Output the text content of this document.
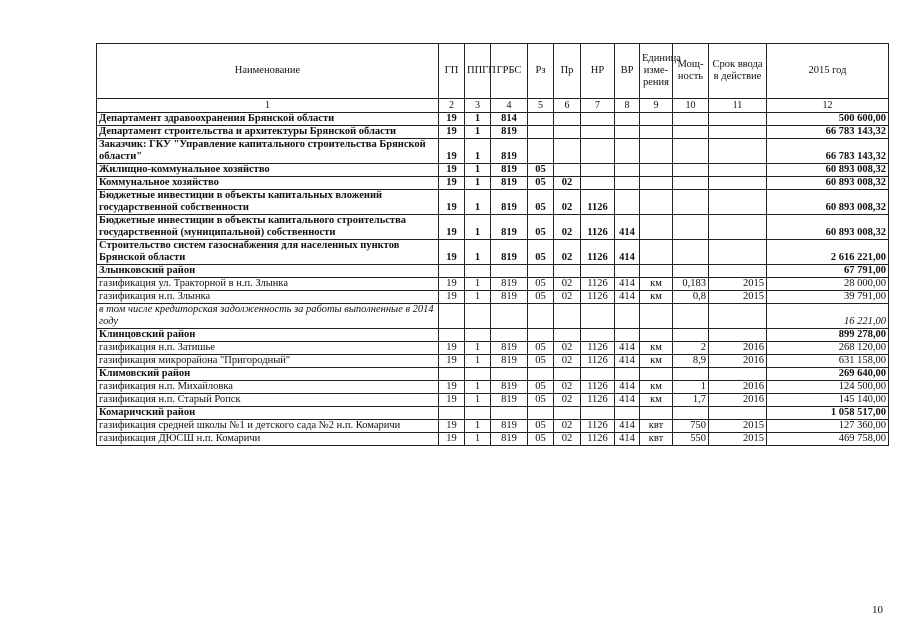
Наименование	ГП	ППГП	ГРБС	Рз	Пр	НР	ВР	Единица изме-рения	Мощ-ность	Срок ввода в действие	2015 год
1	2	3	4	5	6	7	8	9	10	11	12
Департамент здравоохранения Брянской области	19	1	814								500 600,00
Департамент строительства и архитектуры Брянской области	19	1	819								66 783 143,32
Заказчик: ГКУ "Управление капитального строительства Брянской области"	19	1	819								66 783 143,32
Жилищно-коммунальное хозяйство	19	1	819	05							60 893 008,32
Коммунальное хозяйство	19	1	819	05	02						60 893 008,32
Бюджетные инвестиции в объекты капитальных вложений государственной собственности	19	1	819	05	02	1126					60 893 008,32
Бюджетные инвестиции в объекты капитального строительства государственной (муниципальной) собственности	19	1	819	05	02	1126	414				60 893 008,32
Строительство систем газоснабжения для населенных пунктов Брянской области	19	1	819	05	02	1126	414				2 616 221,00
Злынковский район											67 791,00
газификация ул. Тракторной в н.п. Злынка	19	1	819	05	02	1126	414	км	0,183	2015	28 000,00
газификация н.п. Злынка	19	1	819	05	02	1126	414	км	0,8	2015	39 791,00
в том числе кредиторская задолженность за работы выполненные в 2014 году											16 221,00
Клинцовский район											899 278,00
газификация н.п. Затишье	19	1	819	05	02	1126	414	км	2	2016	268 120,00
газификация микрорайона "Пригородный"	19	1	819	05	02	1126	414	км	8,9	2016	631 158,00
Климовский район											269 640,00
газификация н.п. Михайловка	19	1	819	05	02	1126	414	км	1	2016	124 500,00
газификация н.п. Старый Ропск	19	1	819	05	02	1126	414	км	1,7	2016	145 140,00
Комаричский район											1 058 517,00
газификация средней школы №1 и детского сада №2 н.п. Комаричи	19	1	819	05	02	1126	414	квт	750	2015	127 360,00
газификация ДЮСШ н.п. Комаричи	19	1	819	05	02	1126	414	квт	550	2015	469 758,00
10
